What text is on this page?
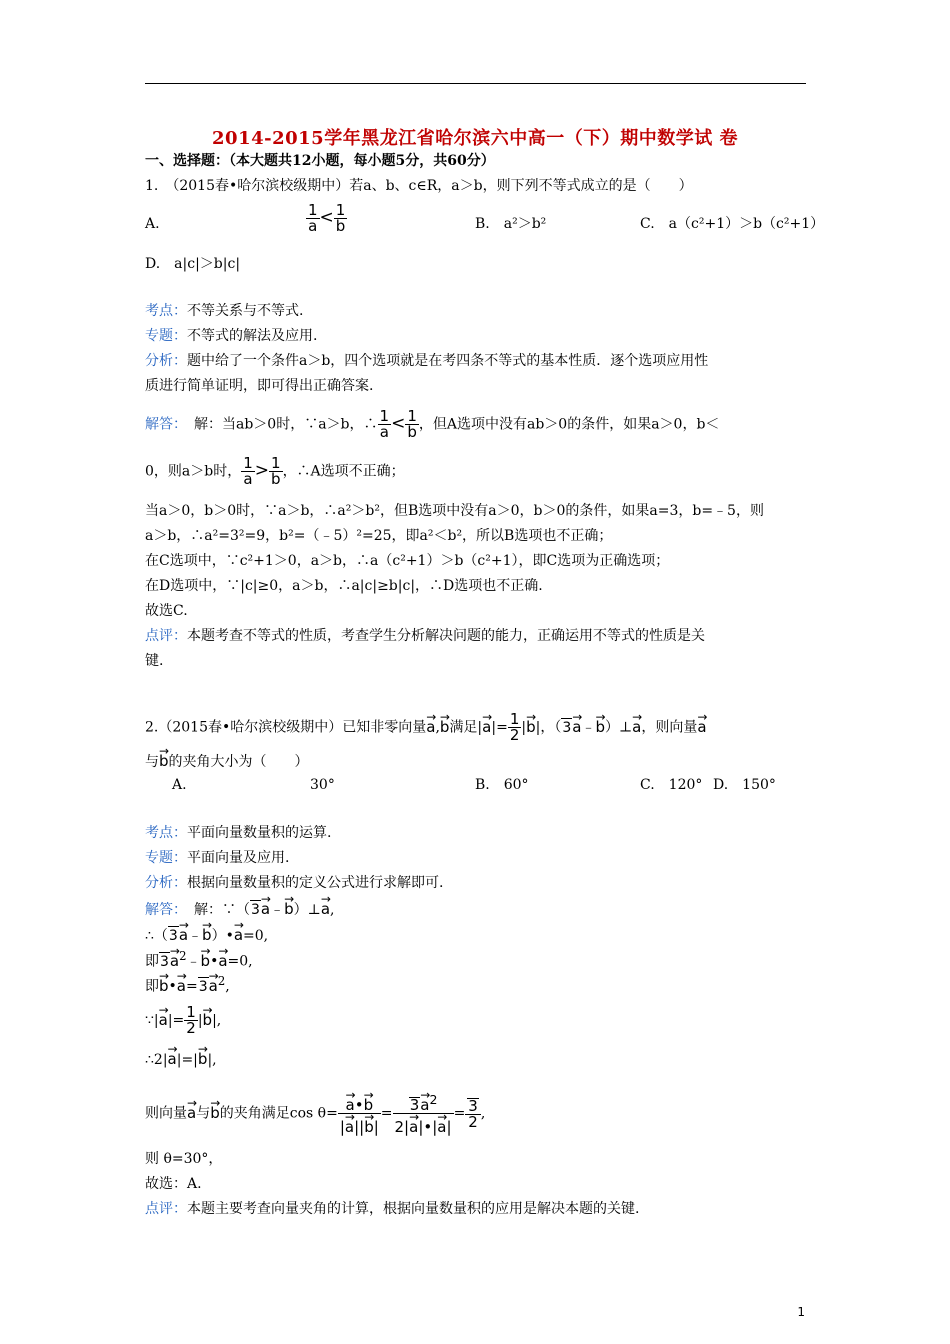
2014-2015学年黑龙江省哈尔滨六中高一（下）期中数学试 卷
一、选择题：（本大题共12小题，每小题5分，共60分）
1.　（2015春•哈尔滨校级期中）若a、b、c∈R，a＞b，则下列不等式成立的是（　　）
A.	$\frac{1}{a} < \frac{1}{b}$	B.　a²＞b²	C.　a（c²+1）＞b（c²+1）
D.　a|c|＞b|c|
考点：不等关系与不等式.
专题：不等式的解法及应用.
分析：题中给了一个条件a＞b，四个选项就是在考四条不等式的基本性质．逐个选项应用性
质进行简单证明，即可得出正确答案.
解答：　解：当ab＞0时，∵a＞b，∴ $\frac{1}{a} < \frac{1}{b}$ ，但A选项中没有ab＞0的条件，如果a＞0，b＜
0，则a＞b时， $\frac{1}{a} > \frac{1}{b}$ ，∴A选项不正确；
当a＞0，b＞0时，∵a＞b，∴a²＞b²，但B选项中没有a＞0，b＞0的条件，如果a=3，b=﹣5，则
a＞b，∴a²=3²=9，b²=（﹣5）²=25，即a²＜b²，所以B选项也不正确；
在C选项中，∵c²+1＞0，a＞b，∴a（c²+1）＞b（c²+1），即C选项为正确选项；
在D选项中，∵|c|≥0，a＞b，∴a|c|≥b|c|，∴D选项也不正确.
故选C.
点评：本题考查不等式的性质，考查学生分析解决问题的能力，正确运用不等式的性质是关
键.
2.（2015春•哈尔滨校级期中）已知非零向量→ a,→ b满足|→ $a|= \frac{1}{2}$ |→ b|，（3→ a﹣→ b）⊥→ a，则向量→ a
与→ b的夹角大小为（　　）
A.	30°	B.　60°	C.　120° D.　150°
考点：平面向量数量积的运算.
专题：平面向量及应用.
分析：根据向量数量积的定义公式进行求解即可.
解答：　解：∵（3→ a﹣→ b）⊥→ a,
∴（3→ a﹣→ b）•→ a=0,
即$3\to a^2﹣\to$ b•→ a=0,
即→ b•→ $a=3\to a^2$,
∵|→ $a|= \frac{1}{2}$ |→ b|,
∴2|→ a|=|→ b|,
则向量→ a与→ b的夹角满足cos θ=
→ $\frac{a•\to b}{|\to a||\to b|} = \frac{3\to a^2}{2|\to a|•|\to a|} = \frac{3}{2}$ ,
则 θ=30°，
故选：A.
点评：本题主要考查向量夹角的计算，根据向量数量积的应用是解决本题的关键.
1
